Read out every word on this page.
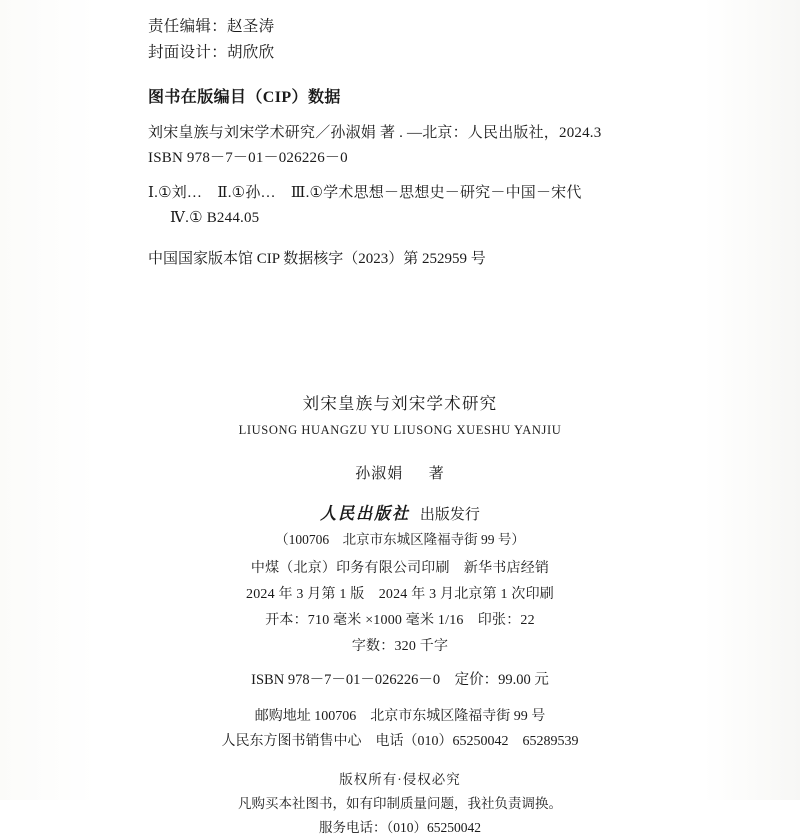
责任编辑：赵圣涛
封面设计：胡欣欣
图书在版编目（CIP）数据
刘宋皇族与刘宋学术研究／孙淑娟 著 . —北京：人民出版社，2024.3
ISBN 978－7－01－026226－0
Ⅰ.①刘…　Ⅱ.①孙…　Ⅲ.①学术思想－思想史－研究－中国－宋代
Ⅳ.① B244.05
中国国家版本馆 CIP 数据核字（2023）第 252959 号
刘宋皇族与刘宋学术研究
LIUSONG HUANGZU YU LIUSONG XUESHU YANJIU
孙淑娟 著
人民出版社 出版发行
（100706　北京市东城区隆福寺街 99 号）
中煤（北京）印务有限公司印刷　新华书店经销
2024 年 3 月第 1 版　2024 年 3 月北京第 1 次印刷
开本：710 毫米 ×1000 毫米 1/16　印张：22
字数：320 千字
ISBN 978－7－01－026226－0　定价：99.00 元
邮购地址 100706　北京市东城区隆福寺街 99 号
人民东方图书销售中心　电话（010）65250042　65289539
版权所有·侵权必究
凡购买本社图书，如有印制质量问题，我社负责调换。
服务电话：（010）65250042
